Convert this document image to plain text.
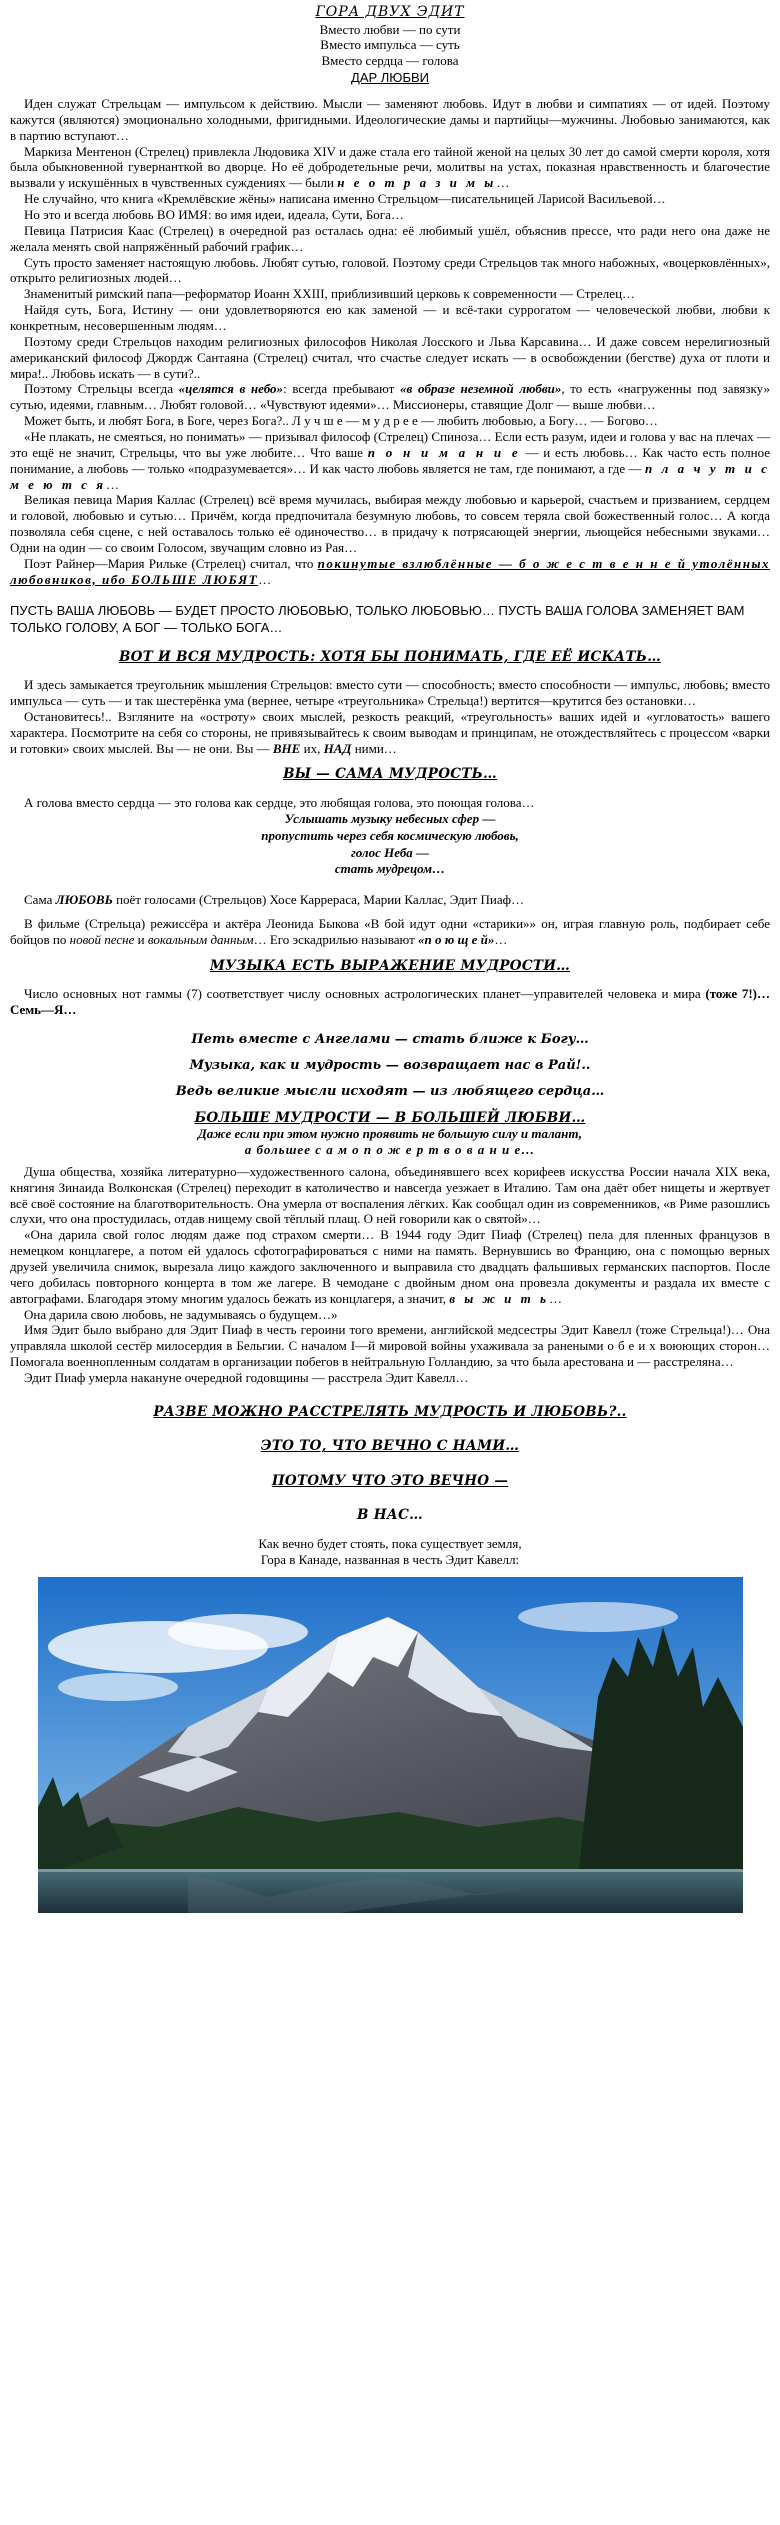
ГОРА ДВУХ ЭДИТ
Вместо любви — по сути
Вместо импульса — суть
Вместо сердца — голова
ДАР ЛЮБВИ

Иден служат Стрельцам — импульсом к действию. Мысли — заменяют любовь. Идут в любви и симпатиях — от идей. Поэтому кажутся (являются) эмоционально холодными, фригидными. Идеологические дамы и партийцы—мужчины. Любовью занимаются, как в партию вступают…

Маркиза Ментенон (Стрелец) привлекла Людовика XIV и даже стала его тайной женой на целых 30 лет до самой смерти короля, хотя была обыкновенной гувернанткой во дворце. Но её добродетельные речи, молитвы на устах, показная нравственность и благочестие вызвали у искушённых в чувственных суждениях — были н е о т р а з и м ы…

Не случайно, что книга «Кремлёвские жёны» написана именно Стрельцом—писательницей Ларисой Васильевой…

Но это и всегда любовь ВО ИМЯ: во имя идеи, идеала, Сути, Бога…

Певица Патрисия Каас (Стрелец) в очередной раз осталась одна: её любимый ушёл, объяснив прессе, что ради него она даже не желала менять свой напряжённый рабочий график…

Суть просто заменяет настоящую любовь. Любят сутью, головой. Поэтому среди Стрельцов так много набожных, «воцерковлённых», открыто религиозных людей…

Знаменитый римский папа—реформатор Иоанн XXIII, приблизивший церковь к современности — Стрелец…

Найдя суть, Бога, Истину — они удовлетворяются ею как заменой — и всё-таки суррогатом — человеческой любви, любви к конкретным, несовершенным людям…

Поэтому среди Стрельцов находим религиозных философов Николая Лосского и Льва Карсавина… И даже совсем нерелигиозный американский философ Джордж Сантаяна (Стрелец) считал, что счастье следует искать — в освобождении (бегстве) духа от плоти и мира!.. Любовь искать — в сути?..

Поэтому Стрельцы всегда «целятся в небо»: всегда пребывают «в образе неземной любви», то есть «нагруженны под завязку» сутью, идеями, главным… Любят головой… «Чувствуют идеями»… Миссионеры, ставящие Долг — выше любви…

Может быть, и любят Бога, в Боге, через Бога?.. Л у ч ш е — м у д р е е — любить любовью, а Богу… — Богово…

«Не плакать, не смеяться, но понимать» — призывал философ (Стрелец) Спиноза… Если есть разум, идеи и голова у вас на плечах — это ещё не значит, Стрельцы, что вы уже любите… Что ваше п о н и м а н и е — и есть любовь… Как часто есть полное понимание, а любовь — только «подразумевается»… И как часто любовь является не там, где понимают, а где — п л а ч у т и с м е ю т с я…

Великая певица Мария Каллас (Стрелец) всё время мучилась, выбирая между любовью и карьерой, счастьем и призванием, сердцем и головой, любовью и сутью… Причём, когда предпочитала безумную любовь, то совсем теряла свой божественный голос… А когда позволяла себя сцене, с ней оставалось только её одиночество… в придачу к потрясающей энергии, льющейся небесными звуками… Одни на один — со своим Голосом, звучащим словно из Рая…

Поэт Райнер—Мария Рильке (Стрелец) считал, что покинутые взлюблённые — б о ж е с т в е н н е й утолённых любовников, ибо БОЛЬШЕ ЛЮБЯТ…

ПУСТЬ ВАША ЛЮБОВЬ — БУДЕТ ПРОСТО ЛЮБОВЬЮ, ТОЛЬКО ЛЮБОВЬЮ… ПУСТЬ ВАША ГОЛОВА ЗАМЕНЯЕТ ВАМ ТОЛЬКО ГОЛОВУ, А БОГ — ТОЛЬКО БОГА…
ВОТ И ВСЯ МУДРОСТЬ: ХОТЯ БЫ ПОНИМАТЬ, ГДЕ ЕЁ ИСКАТЬ…

И здесь замыкается треугольник мышления Стрельцов: вместо сути — способность; вместо способности — импульс, любовь; вместо импульса — суть — и так шестерёнка ума (вернее, четыре «треугольника» Стрельца!) вертится—крутится без остановки…

Остановитесь!.. Взгляните на «остроту» своих мыслей, резкость реакций, «треугольность» ваших идей и «угловатость» вашего характера. Посмотрите на себя со стороны, не привязывайтесь к своим выводам и принципам, не отождествляйтесь с процессом «варки и готовки» своих мыслей. Вы — не они. Вы — ВНЕ их, НАД ними…

ВЫ — САМА МУДРОСТЬ…

А голова вместо сердца — это голова как сердце, это любящая голова, это поющая голова…

Услышать музыку небесных сфер —
пропустить через себя космическую любовь,
голос Неба —
стать мудрецом…

Сама ЛЮБОВЬ поёт голосами (Стрельцов) Хосе Каррераса, Марии Каллас, Эдит Пиаф…

В фильме (Стрельца) режиссёра и актёра Леонида Быкова «В бой идут одни «старики»» он, играя главную роль, подбирает себе бойцов по новой песне и вокальным данным… Его эскадрилью называют «п о ю щ е й»…

МУЗЫКА ЕСТЬ ВЫРАЖЕНИЕ МУДРОСТИ…

Число основных нот гаммы (7) соответствует числу основных астрологических планет—управителей человека и мира (тоже 7!)… Семь—Я…

Петь вместе с Ангелами — стать ближе к Богу…
Музыка, как и мудрость — возвращает нас в Рай!..
Ведь великие мысли исходят — из любящего сердца…
БОЛЬШЕ МУДРОСТИ — В БОЛЬШЕЙ ЛЮБВИ…
Даже если при этом нужно проявить не большую силу и талант,
а большее с а м о п о ж е р т в о в а н и е…

Душа общества, хозяйка литературно—художественного салона, объединявшего всех корифеев искусства России начала XIX века, княгиня Зинаида Волконская (Стрелец) переходит в католичество и навсегда уезжает в Италию. Там она даёт обет нищеты и жертвует всё своё состояние на благотворительность. Она умерла от воспаления лёгких. Как сообщал один из современников, «в Риме разошлись слухи, что она простудилась, отдав нищему свой тёплый плащ. О ней говорили как о святой»…

«Она дарила свой голос людям даже под страхом смерти… В 1944 году Эдит Пиаф (Стрелец) пела для пленных французов в немецком концлагере, а потом ей удалось сфотографироваться с ними на память. Вернувшись во Францию, она с помощью верных друзей увеличила снимок, вырезала лицо каждого заключенного и выправила сто двадцать фальшивых германских паспортов. После чего добилась повторного концерта в том же лагере. В чемодане с двойным дном она провезла документы и раздала их вместе с автографами. Благодаря этому многим удалось бежать из концлагеря, а значит, в ы ж и т ь…

Она дарила свою любовь, не задумываясь о будущем…»

Имя Эдит было выбрано для Эдит Пиаф в честь героини того времени, английской медсестры Эдит Кавелл (тоже Стрельца!)… Она управляла школой сестёр милосердия в Бельгии. С началом I—й мировой войны ухаживала за ранеными о б е и х воюющих сторон… Помогала военнопленным солдатам в организации побегов в нейтральную Голландию, за что была арестована и — расстреляна…

Эдит Пиаф умерла накануне очередной годовщины — расстрела Эдит Кавелл…

РАЗВЕ МОЖНО РАССТРЕЛЯТЬ МУДРОСТЬ И ЛЮБОВЬ?..
ЭТО ТО, ЧТО ВЕЧНО С НАМИ…
ПОТОМУ ЧТО ЭТО ВЕЧНО —
В НАС…
Как вечно будет стоять, пока существует земля,
Гора в Канаде, названная в честь Эдит Кавелл:
